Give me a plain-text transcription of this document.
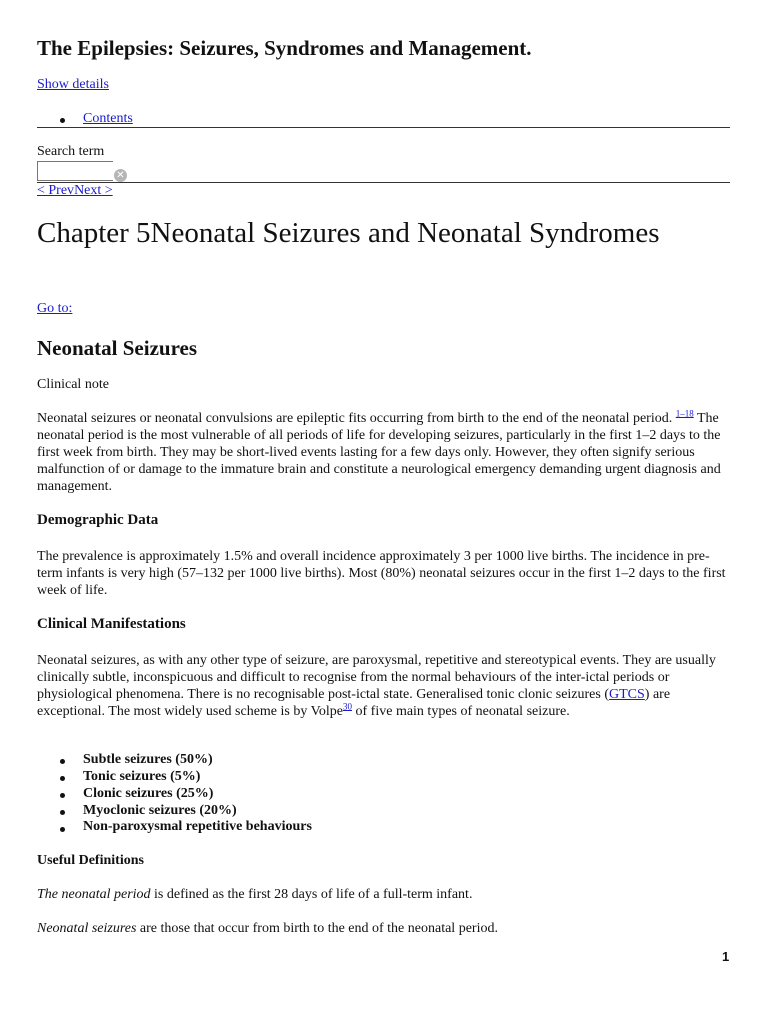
The Epilepsies: Seizures, Syndromes and Management.
Show details
Contents
Search term
✕
< PrevNext >
Chapter 5Neonatal Seizures and Neonatal Syndromes
Go to:
Neonatal Seizures
Clinical note

Neonatal seizures or neonatal convulsions are epileptic fits occurring from birth to the end of the neonatal period. $^{1-18}$ The neonatal period is the most vulnerable of all periods of life for developing seizures, particularly in the first 1–2 days to the first week from birth. They may be short-lived events lasting for a few days only. However, they often signify serious malfunction of or damage to the immature brain and constitute a neurological emergency demanding urgent diagnosis and management.

Demographic Data

The prevalence is approximately 1.5% and overall incidence approximately 3 per 1000 live births. The incidence in pre-term infants is very high (57–132 per 1000 live births). Most (80%) neonatal seizures occur in the first 1–2 days to the first week of life.

Clinical Manifestations

Neonatal seizures, as with any other type of seizure, are paroxysmal, repetitive and stereotypical events. They are usually clinically subtle, inconspicuous and difficult to recognise from the normal behaviours of the inter-ictal periods or physiological phenomena. There is no recognisable post-ictal state. Generalised tonic clonic seizures (GTCS) are exceptional. The most widely used scheme is by Volpe$^{30}$ of five main types of neonatal seizure.

Subtle seizures (50%)
Tonic seizures (5%)
Clonic seizures (25%)
Myoclonic seizures (20%)
Non-paroxysmal repetitive behaviours
Useful Definitions

The neonatal period is defined as the first 28 days of life of a full-term infant.

Neonatal seizures are those that occur from birth to the end of the neonatal period.

1
